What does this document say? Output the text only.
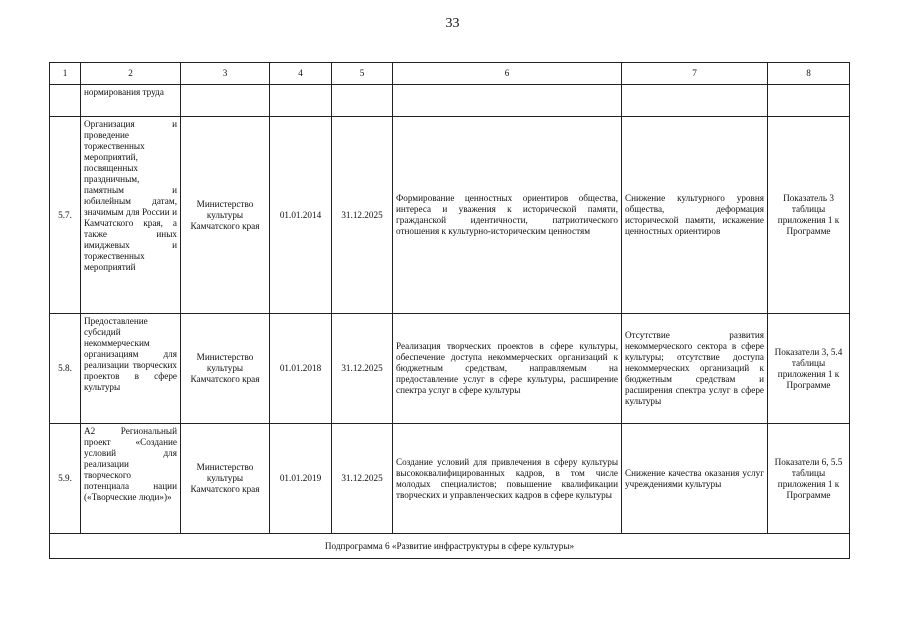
33
1	2	3	4	5	6	7	8
	нормирования труда						
5.7.	Организация и проведение торжественных мероприятий, посвященных праздничным, памятным и юбилейным датам, значимым для России и Камчатского края, а также иных имиджевых и торжественных мероприятий	Министерство культуры Камчатского края	01.01.2014	31.12.2025	Формирование ценностных ориентиров общества, интереса и уважения к исторической памяти, гражданской идентичности, патриотического отношения к культурно-историческим ценностям	Снижение культурного уровня общества, деформация исторической памяти, искажение ценностных ориентиров	Показатель 3 таблицы приложения 1 к Программе
5.8.	Предоставление субсидий некоммерческим организациям для реализации творческих проектов в сфере культуры	Министерство культуры Камчатского края	01.01.2018	31.12.2025	Реализация творческих проектов в сфере культуры, обеспечение доступа некоммерческих организаций к бюджетным средствам, направляемым на предоставление услуг в сфере культуры, расширение спектра услуг в сфере культуры	Отсутствие развития некоммерческого сектора в сфере культуры; отсутствие доступа некоммерческих организаций к бюджетным средствам и расширения спектра услуг в сфере культуры	Показатели 3, 5.4 таблицы приложения 1 к Программе
5.9.	А2 Региональный проект «Создание условий для реализации творческого потенциала нации («Творческие люди»)»	Министерство культуры Камчатского края	01.01.2019	31.12.2025	Создание условий для привлечения в сферу культуры высококвалифицированных кадров, в том числе молодых специалистов; повышение квалификации творческих и управленческих кадров в сфере культуры	Снижение качества оказания услуг учреждениями культуры	Показатели 6, 5.5 таблицы приложения 1 к Программе
Подпрограмма 6 «Развитие инфраструктуры в сфере культуры»							
